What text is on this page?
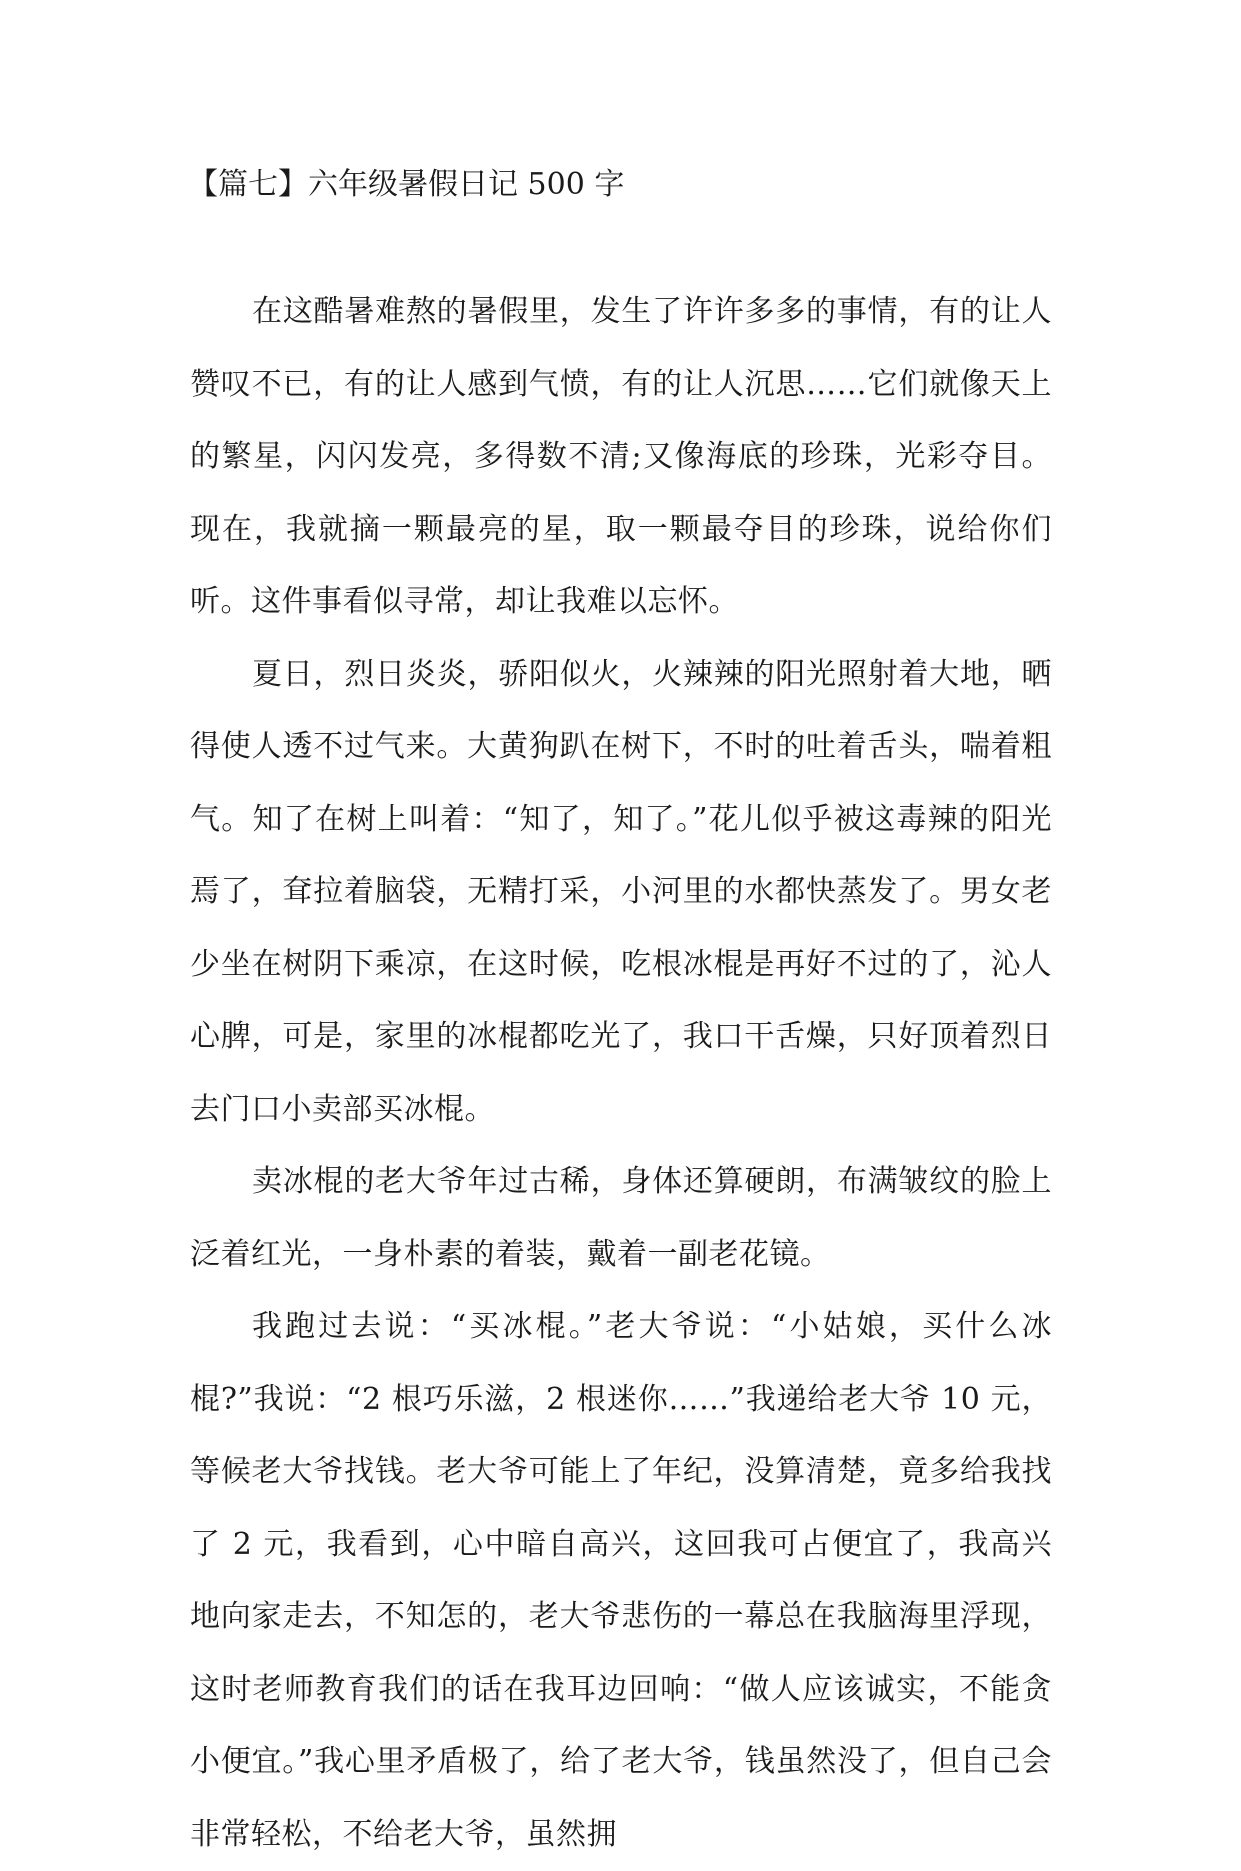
【篇七】六年级暑假日记 500 字

在这酷暑难熬的暑假里，发生了许许多多的事情，有的让人赞叹不已，有的让人感到气愤，有的让人沉思……它们就像天上的繁星，闪闪发亮，多得数不清;又像海底的珍珠，光彩夺目。现在，我就摘一颗最亮的星，取一颗最夺目的珍珠，说给你们听。这件事看似寻常，却让我难以忘怀。

夏日，烈日炎炎，骄阳似火，火辣辣的阳光照射着大地，晒得使人透不过气来。大黄狗趴在树下，不时的吐着舌头，喘着粗气。知了在树上叫着：“知了，知了。”花儿似乎被这毒辣的阳光焉了，耷拉着脑袋，无精打采，小河里的水都快蒸发了。男女老少坐在树阴下乘凉，在这时候，吃根冰棍是再好不过的了，沁人心脾，可是，家里的冰棍都吃光了，我口干舌燥，只好顶着烈日去门口小卖部买冰棍。

卖冰棍的老大爷年过古稀，身体还算硬朗，布满皱纹的脸上泛着红光，一身朴素的着装，戴着一副老花镜。

我跑过去说：“买冰棍。”老大爷说：“小姑娘，买什么冰棍?”我说：“2 根巧乐滋，2 根迷你……”我递给老大爷 10 元，等候老大爷找钱。老大爷可能上了年纪，没算清楚，竟多给我找了 2 元，我看到，心中暗自高兴，这回我可占便宜了，我高兴地向家走去，不知怎的，老大爷悲伤的一幕总在我脑海里浮现，这时老师教育我们的话在我耳边回响：“做人应该诚实，不能贪小便宜。”我心里矛盾极了，给了老大爷，钱虽然没了，但自己会非常轻松，不给老大爷，虽然拥
